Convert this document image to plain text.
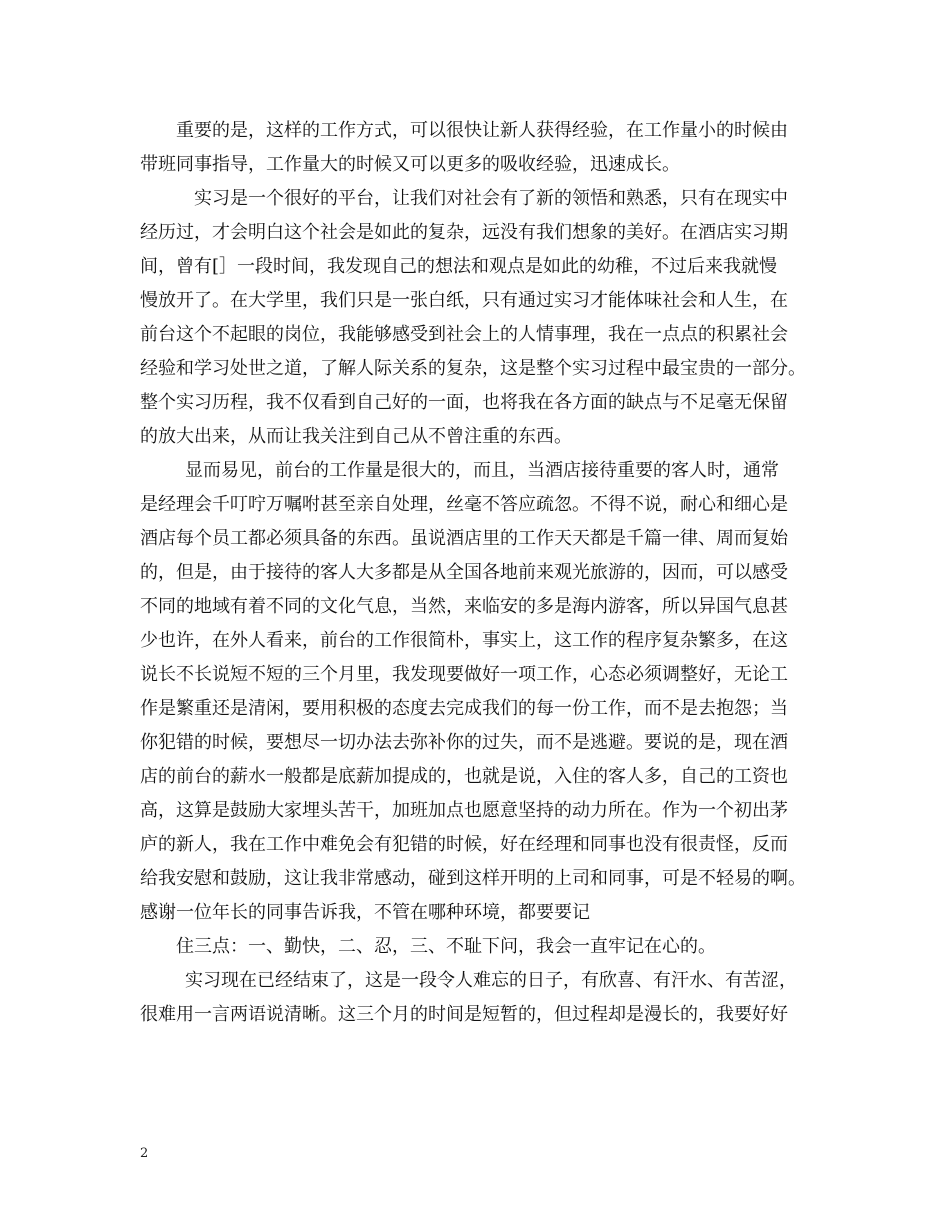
重要的是，这样的工作方式，可以很快让新人获得经验，在工作量小的时候由
带班同事指导，工作量大的时候又可以更多的吸收经验，迅速成长。
实习是一个很好的平台，让我们对社会有了新的领悟和熟悉，只有在现实中
经历过，才会明白这个社会是如此的复杂，远没有我们想象的美好。在酒店实习期
间，曾有[］一段时间，我发现自己的想法和观点是如此的幼稚，不过后来我就慢
慢放开了。在大学里，我们只是一张白纸，只有通过实习才能体味社会和人生，在
前台这个不起眼的岗位，我能够感受到社会上的人情事理，我在一点点的积累社会
经验和学习处世之道，了解人际关系的复杂，这是整个实习过程中最宝贵的一部分。
整个实习历程，我不仅看到自己好的一面，也将我在各方面的缺点与不足毫无保留
的放大出来，从而让我关注到自己从不曾注重的东西。
显而易见，前台的工作量是很大的，而且，当酒店接待重要的客人时，通常
是经理会千叮咛万嘱咐甚至亲自处理，丝毫不答应疏忽。不得不说，耐心和细心是
酒店每个员工都必须具备的东西。虽说酒店里的工作天天都是千篇一律、周而复始
的，但是，由于接待的客人大多都是从全国各地前来观光旅游的，因而，可以感受
不同的地域有着不同的文化气息，当然，来临安的多是海内游客，所以异国气息甚
少也许，在外人看来，前台的工作很简朴，事实上，这工作的程序复杂繁多，在这
说长不长说短不短的三个月里，我发现要做好一项工作，心态必须调整好，无论工
作是繁重还是清闲，要用积极的态度去完成我们的每一份工作，而不是去抱怨；当
你犯错的时候，要想尽一切办法去弥补你的过失，而不是逃避。要说的是，现在酒
店的前台的薪水一般都是底薪加提成的，也就是说，入住的客人多，自己的工资也
高，这算是鼓励大家埋头苦干，加班加点也愿意坚持的动力所在。作为一个初出茅
庐的新人，我在工作中难免会有犯错的时候，好在经理和同事也没有很责怪，反而
给我安慰和鼓励，这让我非常感动，碰到这样开明的上司和同事，可是不轻易的啊。
感谢一位年长的同事告诉我，不管在哪种环境，都要要记
住三点：一、勤快，二、忍，三、不耻下问，我会一直牢记在心的。
实习现在已经结束了，这是一段令人难忘的日子，有欣喜、有汗水、有苦涩，
很难用一言两语说清晰。这三个月的时间是短暂的，但过程却是漫长的，我要好好
2
